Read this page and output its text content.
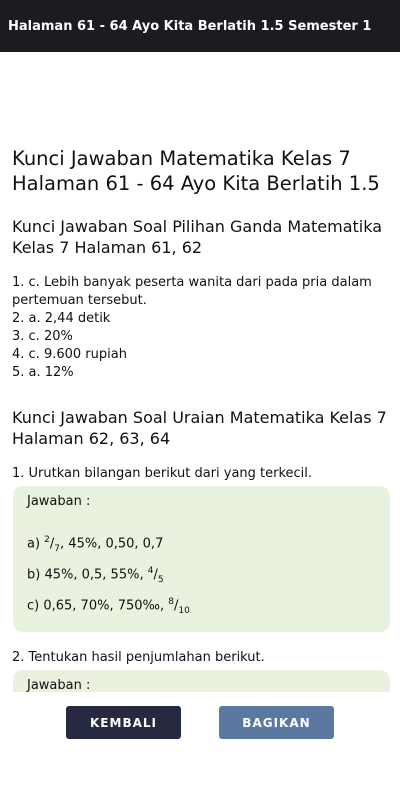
Halaman 61 - 64 Ayo Kita Berlatih 1.5 Semester 1
Kunci Jawaban Matematika Kelas 7 Halaman 61 - 64 Ayo Kita Berlatih 1.5
Kunci Jawaban Soal Pilihan Ganda Matematika Kelas 7 Halaman 61, 62
1. c. Lebih banyak peserta wanita dari pada pria dalam pertemuan tersebut.
2. a. 2,44 detik
3. c. 20%
4. c. 9.600 rupiah
5. a. 12%
Kunci Jawaban Soal Uraian Matematika Kelas 7 Halaman 62, 63, 64
1. Urutkan bilangan berikut dari yang terkecil.
Jawaban :
a) $^2/_7$, 45%, 0,50, 0,7
b) 45%, 0,5, 55%, $^4/_5$
c) 0,65, 70%, 750‰, $^8/_{10}$
2. Tentukan hasil penjumlahan berikut.
Jawaban :
KEMBALI	BAGIKAN
